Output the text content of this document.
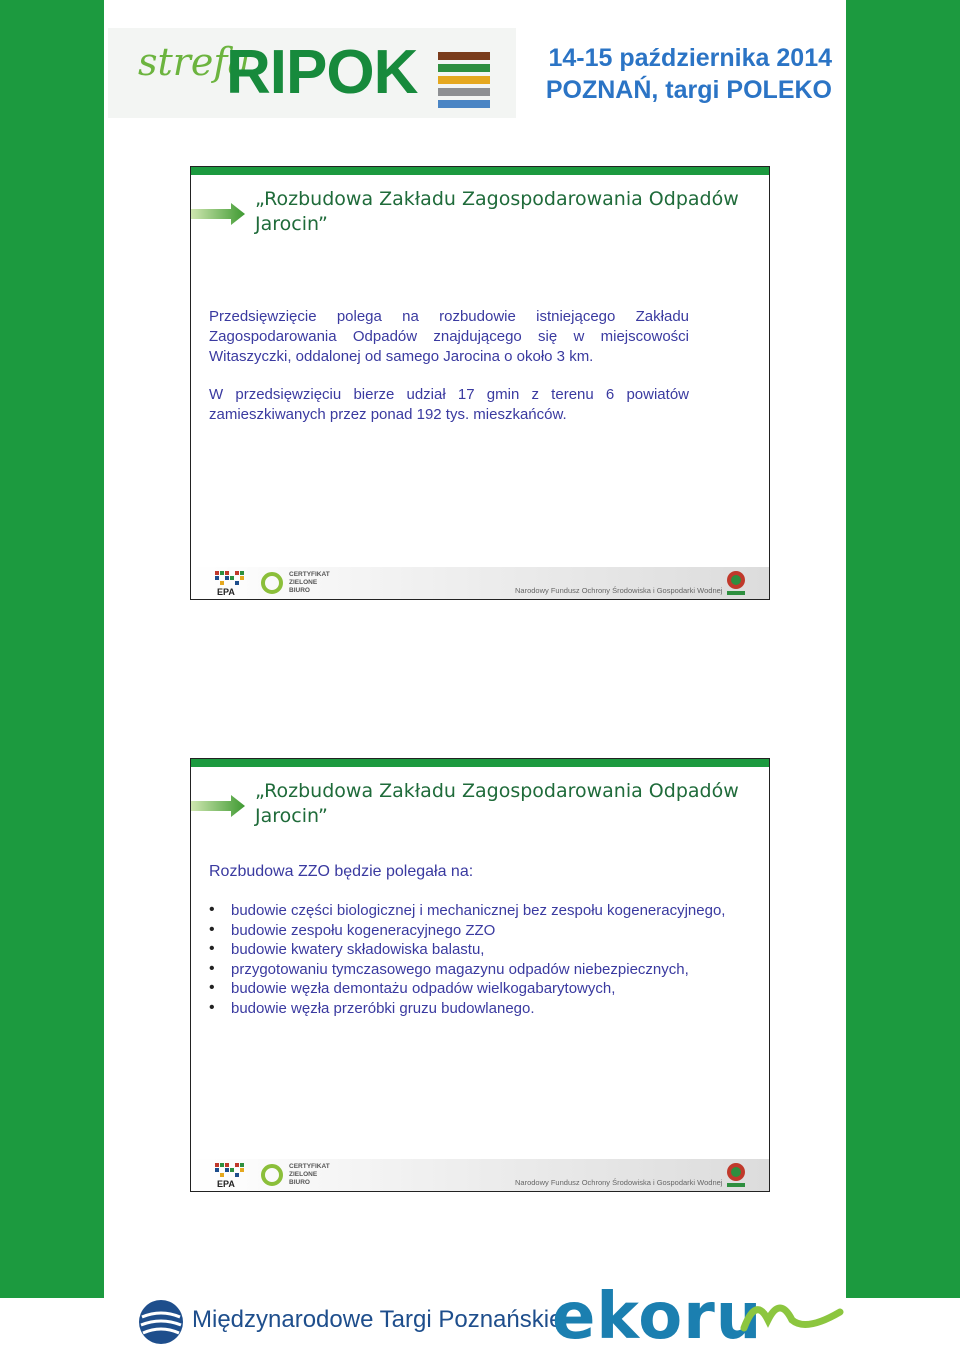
strefa
RIPOK	14-15 października 2014
POZNAŃ, targi POLEKO
„Rozbudowa Zakładu Zagospodarowania Odpadów Jarocin”

Przedsięwzięcie polega na rozbudowie istniejącego Zakładu Zagospodarowania Odpadów znajdującego się w miejscowości Witaszyczki, oddalonej od samego Jarocina o około 3 km.

W przedsięwzięciu bierze udział 17 gmin z terenu 6 powiatów zamieszkiwanych przez ponad 192 tys. mieszkańców.

EPA
CERTYFIKAT
ZIELONE
BIURO	Narodowy Fundusz Ochrony Środowiska i Gospodarki Wodnej
„Rozbudowa Zakładu Zagospodarowania Odpadów Jarocin”
Rozbudowa ZZO będzie polegała na:
• budowie części biologicznej i mechanicznej bez zespołu kogeneracyjnego,
• budowie zespołu kogeneracyjnego ZZO
• budowie kwatery składowiska balastu,
• przygotowaniu tymczasowego magazynu odpadów niebezpiecznych,
• budowie węzła demontażu odpadów wielkogabarytowych,
• budowie węzła przeróbki gruzu budowlanego.
EPA
CERTYFIKAT
ZIELONE
BIURO	Narodowy Fundusz Ochrony Środowiska i Gospodarki Wodnej
Międzynarodowe Targi Poznańskie
ekoru
